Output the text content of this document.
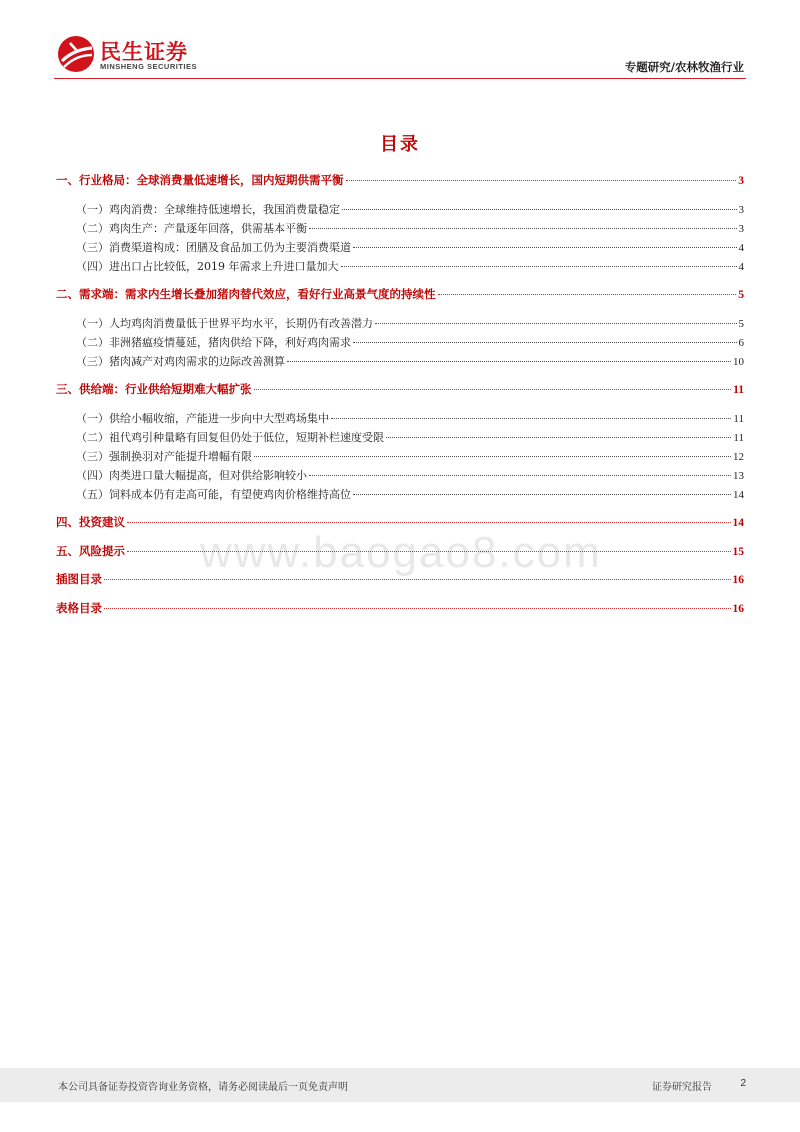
民生证券
MINSHENG SECURITIES	专题研究/农林牧渔行业
www.baogao8.com
目录
一、行业格局：全球消费量低速增长，国内短期供需平衡	3
（一）鸡肉消费：全球维持低速增长，我国消费量稳定	3
（二）鸡肉生产：产量逐年回落，供需基本平衡	3
（三）消费渠道构成：团膳及食品加工仍为主要消费渠道	4
（四）进出口占比较低，2019 年需求上升进口量加大	4
二、需求端：需求内生增长叠加猪肉替代效应，看好行业高景气度的持续性	5
（一）人均鸡肉消费量低于世界平均水平，长期仍有改善潜力	5
（二）非洲猪瘟疫情蔓延，猪肉供给下降，利好鸡肉需求	6
（三）猪肉减产对鸡肉需求的边际改善测算	10
三、供给端：行业供给短期难大幅扩张	11
（一）供给小幅收缩，产能进一步向中大型鸡场集中	11
（二）祖代鸡引种量略有回复但仍处于低位，短期补栏速度受限	11
（三）强制换羽对产能提升增幅有限	12
（四）肉类进口量大幅提高，但对供给影响较小	13
（五）饲料成本仍有走高可能，有望使鸡肉价格维持高位	14
四、投资建议	14
五、风险提示	15
插图目录	16
表格目录	16
本公司具备证券投资咨询业务资格，请务必阅读最后一页免责声明	证券研究报告	2
